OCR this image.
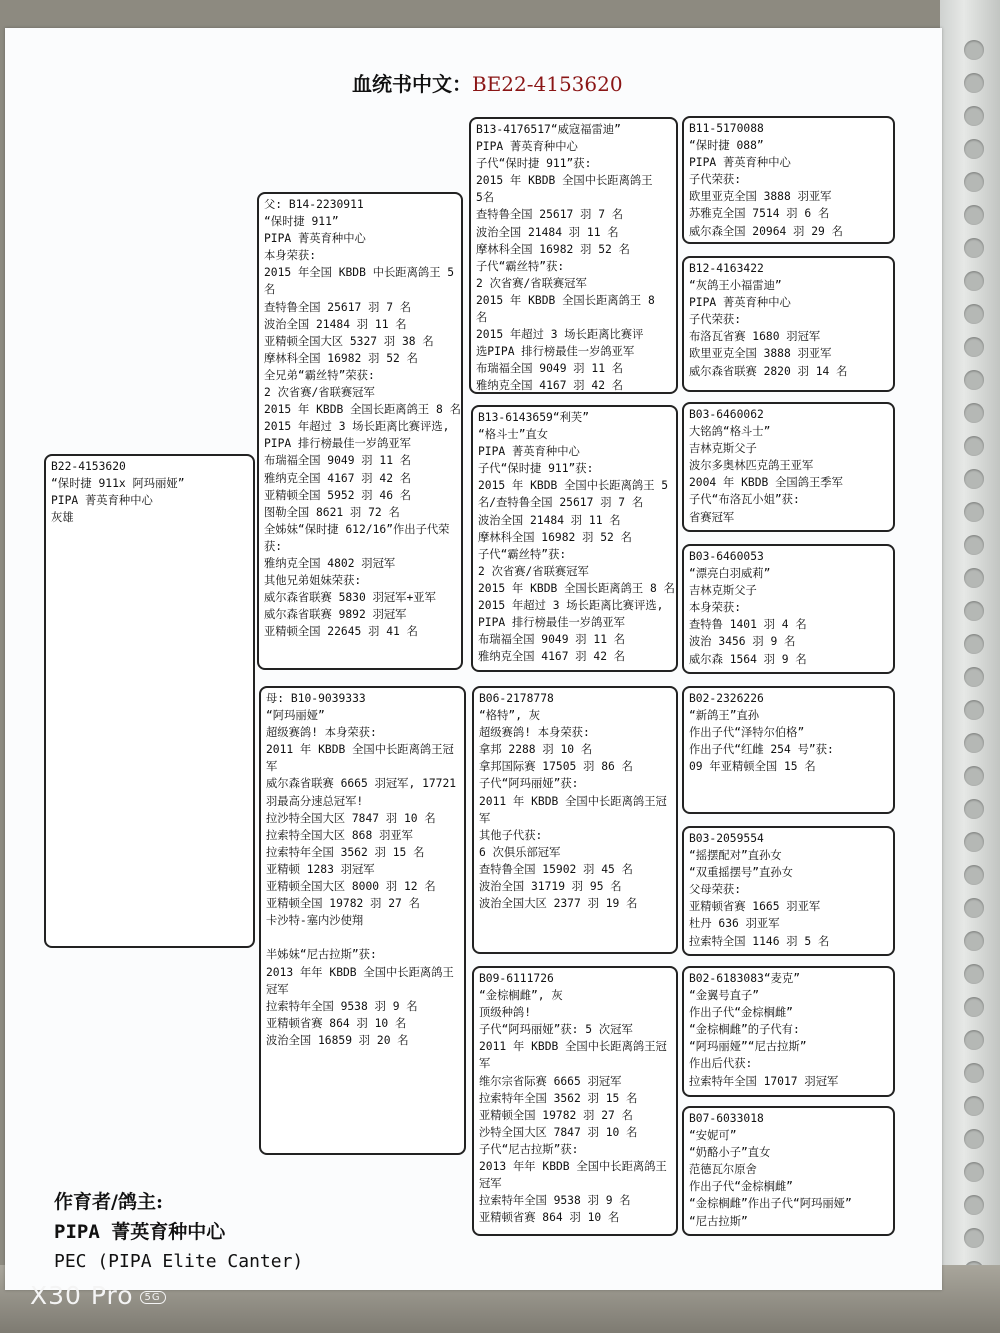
血统书中文：BE22-4153620
B22-4153620
“保时捷 911x 阿玛丽娅”
PIPA 菁英育种中心
灰雄
父: B14-2230911
“保时捷 911”
PIPA 菁英育种中心
本身荣获:
2015 年全国 KBDB 中长距离鸽王 5
名
查特鲁全国 25617 羽 7 名
波治全国 21484 羽 11 名
亚精顿全国大区 5327 羽 38 名
摩林科全国 16982 羽 52 名
全兄弟“霸丝特”荣获:
2 次省赛/省联赛冠军
2015 年 KBDB 全国长距离鸽王 8 名
2015 年超过 3 场长距离比赛评选,
PIPA 排行榜最佳一岁鸽亚军
布瑞福全国 9049 羽 11 名
雅纳克全国 4167 羽 42 名
亚精顿全国 5952 羽 46 名
图勒全国 8621 羽 72 名
全姊妹“保时捷 612/16”作出子代荣
获:
雅纳克全国 4802 羽冠军
其他兄弟姐妹荣获:
威尔森省联赛 5830 羽冠军+亚军
威尔森省联赛 9892 羽冠军
亚精顿全国 22645 羽 41 名
母: B10-9039333
“阿玛丽娅”
超级赛鸽! 本身荣获:
2011 年 KBDB 全国中长距离鸽王冠
军
威尔森省联赛 6665 羽冠军, 17721
羽最高分速总冠军!
拉沙特全国大区 7847 羽 10 名
拉索特全国大区 868 羽亚军
拉索特年全国 3562 羽 15 名
亚精顿 1283 羽冠军
亚精顿全国大区 8000 羽 12 名
亚精顿全国 19782 羽 27 名
卡沙特-塞内沙使翔

半姊妹“尼古拉斯”获:
2013 年年 KBDB 全国中长距离鸽王
冠军
拉索特年全国 9538 羽 9 名
亚精顿省赛 864 羽 10 名
波治全国 16859 羽 20 名
B13-4176517“威寇福雷迪”
PIPA 菁英育种中心
子代“保时捷 911”获:
2015 年 KBDB 全国中长距离鸽王
5名
查特鲁全国 25617 羽 7 名
波治全国 21484 羽 11 名
摩林科全国 16982 羽 52 名
子代“霸丝特”获:
2 次省赛/省联赛冠军
2015 年 KBDB 全国长距离鸽王 8
名
2015 年超过 3 场长距离比赛评
选PIPA 排行榜最佳一岁鸽亚军
布瑞福全国 9049 羽 11 名
雅纳克全国 4167 羽 42 名
B13-6143659“利芙”
“格斗士”直女
PIPA 菁英育种中心
子代“保时捷 911”获:
2015 年 KBDB 全国中长距离鸽王 5
名/查特鲁全国 25617 羽 7 名
波治全国 21484 羽 11 名
摩林科全国 16982 羽 52 名
子代“霸丝特”获:
2 次省赛/省联赛冠军
2015 年 KBDB 全国长距离鸽王 8 名
2015 年超过 3 场长距离比赛评选,
PIPA 排行榜最佳一岁鸽亚军
布瑞福全国 9049 羽 11 名
雅纳克全国 4167 羽 42 名
B06-2178778
“格特”, 灰
超级赛鸽! 本身荣获:
拿邦 2288 羽 10 名
拿邦国际赛 17505 羽 86 名
子代“阿玛丽娅”获:
2011 年 KBDB 全国中长距离鸽王冠
军
其他子代获:
6 次俱乐部冠军
查特鲁全国 15902 羽 45 名
波治全国 31719 羽 95 名
波治全国大区 2377 羽 19 名
B09-6111726
“金棕榈雌”, 灰
顶级种鸽!
子代“阿玛丽娅”获: 5 次冠军
2011 年 KBDB 全国中长距离鸽王冠
军
维尔宗省际赛 6665 羽冠军
拉索特年全国 3562 羽 15 名
亚精顿全国 19782 羽 27 名
沙特全国大区 7847 羽 10 名
子代“尼古拉斯”获:
2013 年年 KBDB 全国中长距离鸽王
冠军
拉索特年全国 9538 羽 9 名
亚精顿省赛 864 羽 10 名
B11-5170088
“保时捷 088”
PIPA 菁英育种中心
子代荣获:
欧里亚克全国 3888 羽亚军
苏雅克全国 7514 羽 6 名
威尔森全国 20964 羽 29 名
B12-4163422
“灰鸽王小福雷迪”
PIPA 菁英育种中心
子代荣获:
布洛瓦省赛 1680 羽冠军
欧里亚克全国 3888 羽亚军
威尔森省联赛 2820 羽 14 名
B03-6460062
大铭鸽“格斗士”
吉林克斯父子
波尔多奥林匹克鸽王亚军
2004 年 KBDB 全国鸽王季军
子代“布洛瓦小姐”获:
省赛冠军
B03-6460053
“漂亮白羽威莉”
吉林克斯父子
本身荣获:
查特鲁 1401 羽 4 名
波治 3456 羽 9 名
威尔森 1564 羽 9 名
B02-2326226
“新鸽王”直孙
作出子代“泽特尔伯格”
作出子代“红雌 254 号”获:
09 年亚精顿全国 15 名
B03-2059554
“摇摆配对”直孙女
“双重摇摆号”直孙女
父母荣获:
亚精顿省赛 1665 羽亚军
杜丹 636 羽亚军
拉索特全国 1146 羽 5 名
B02-6183083“麦克”
“金翼号直子”
作出子代“金棕榈雌”
“金棕榈雌”的子代有:
“阿玛丽娅”“尼古拉斯”
作出后代获:
拉索特年全国 17017 羽冠军
B07-6033018
“安妮可”
“奶酪小子”直女
范德瓦尔原舍
作出子代“金棕榈雌”
“金棕榈雌”作出子代“阿玛丽娅”
“尼古拉斯”
作育者/鸽主:
PIPA 菁英育种中心
PEC (PIPA Elite Canter)
X30 Pro 5G
